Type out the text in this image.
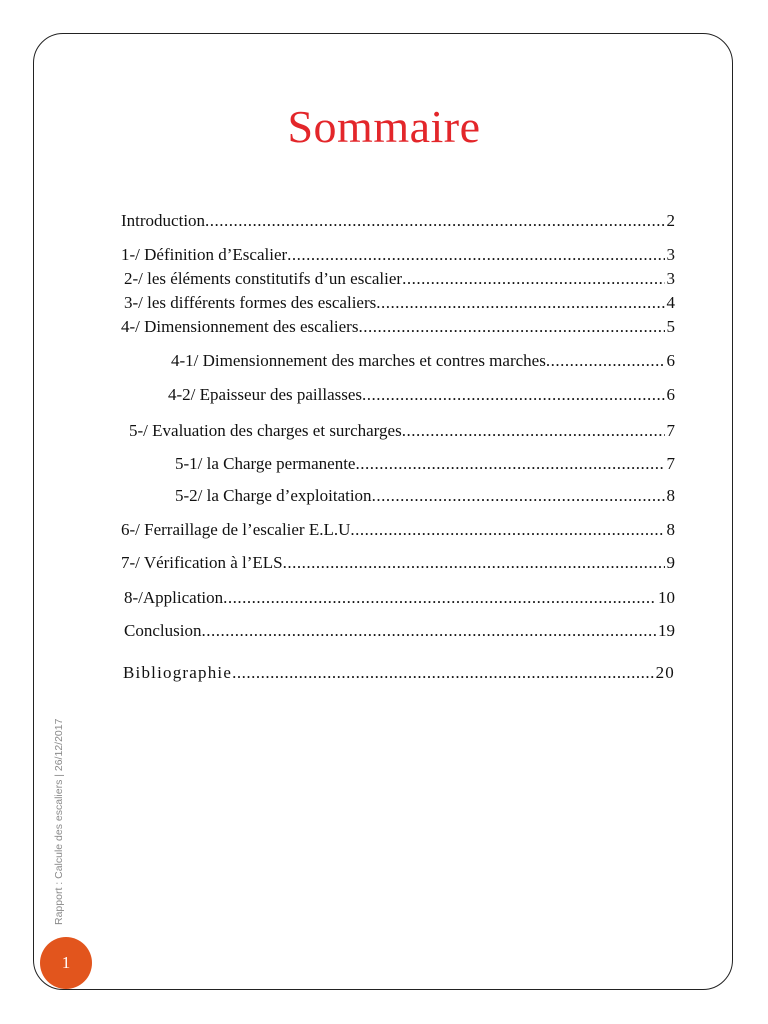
Sommaire
Introduction .....	2
1-/ Définition d’Escalier .....	3
2-/ les éléments constitutifs d’un escalier .....	3
3-/ les différents formes des escaliers .....	4
4-/ Dimensionnement des escaliers .....	5
4-1/ Dimensionnement des marches et contres marches .....	6
4-2/ Epaisseur des paillasses .....	6
5-/ Evaluation des charges et surcharges .....	7
5-1/ la Charge permanente .....	7
5-2/ la Charge d’exploitation .....	8
6-/ Ferraillage de l’escalier E.L.U .....	8
7-/ Vérification à l’ELS .....	9
8-/Application .....	10
Conclusion .....	19
Bibliographie .....	20
Rapport : Calcule des escaliers | 26/12/2017
1
